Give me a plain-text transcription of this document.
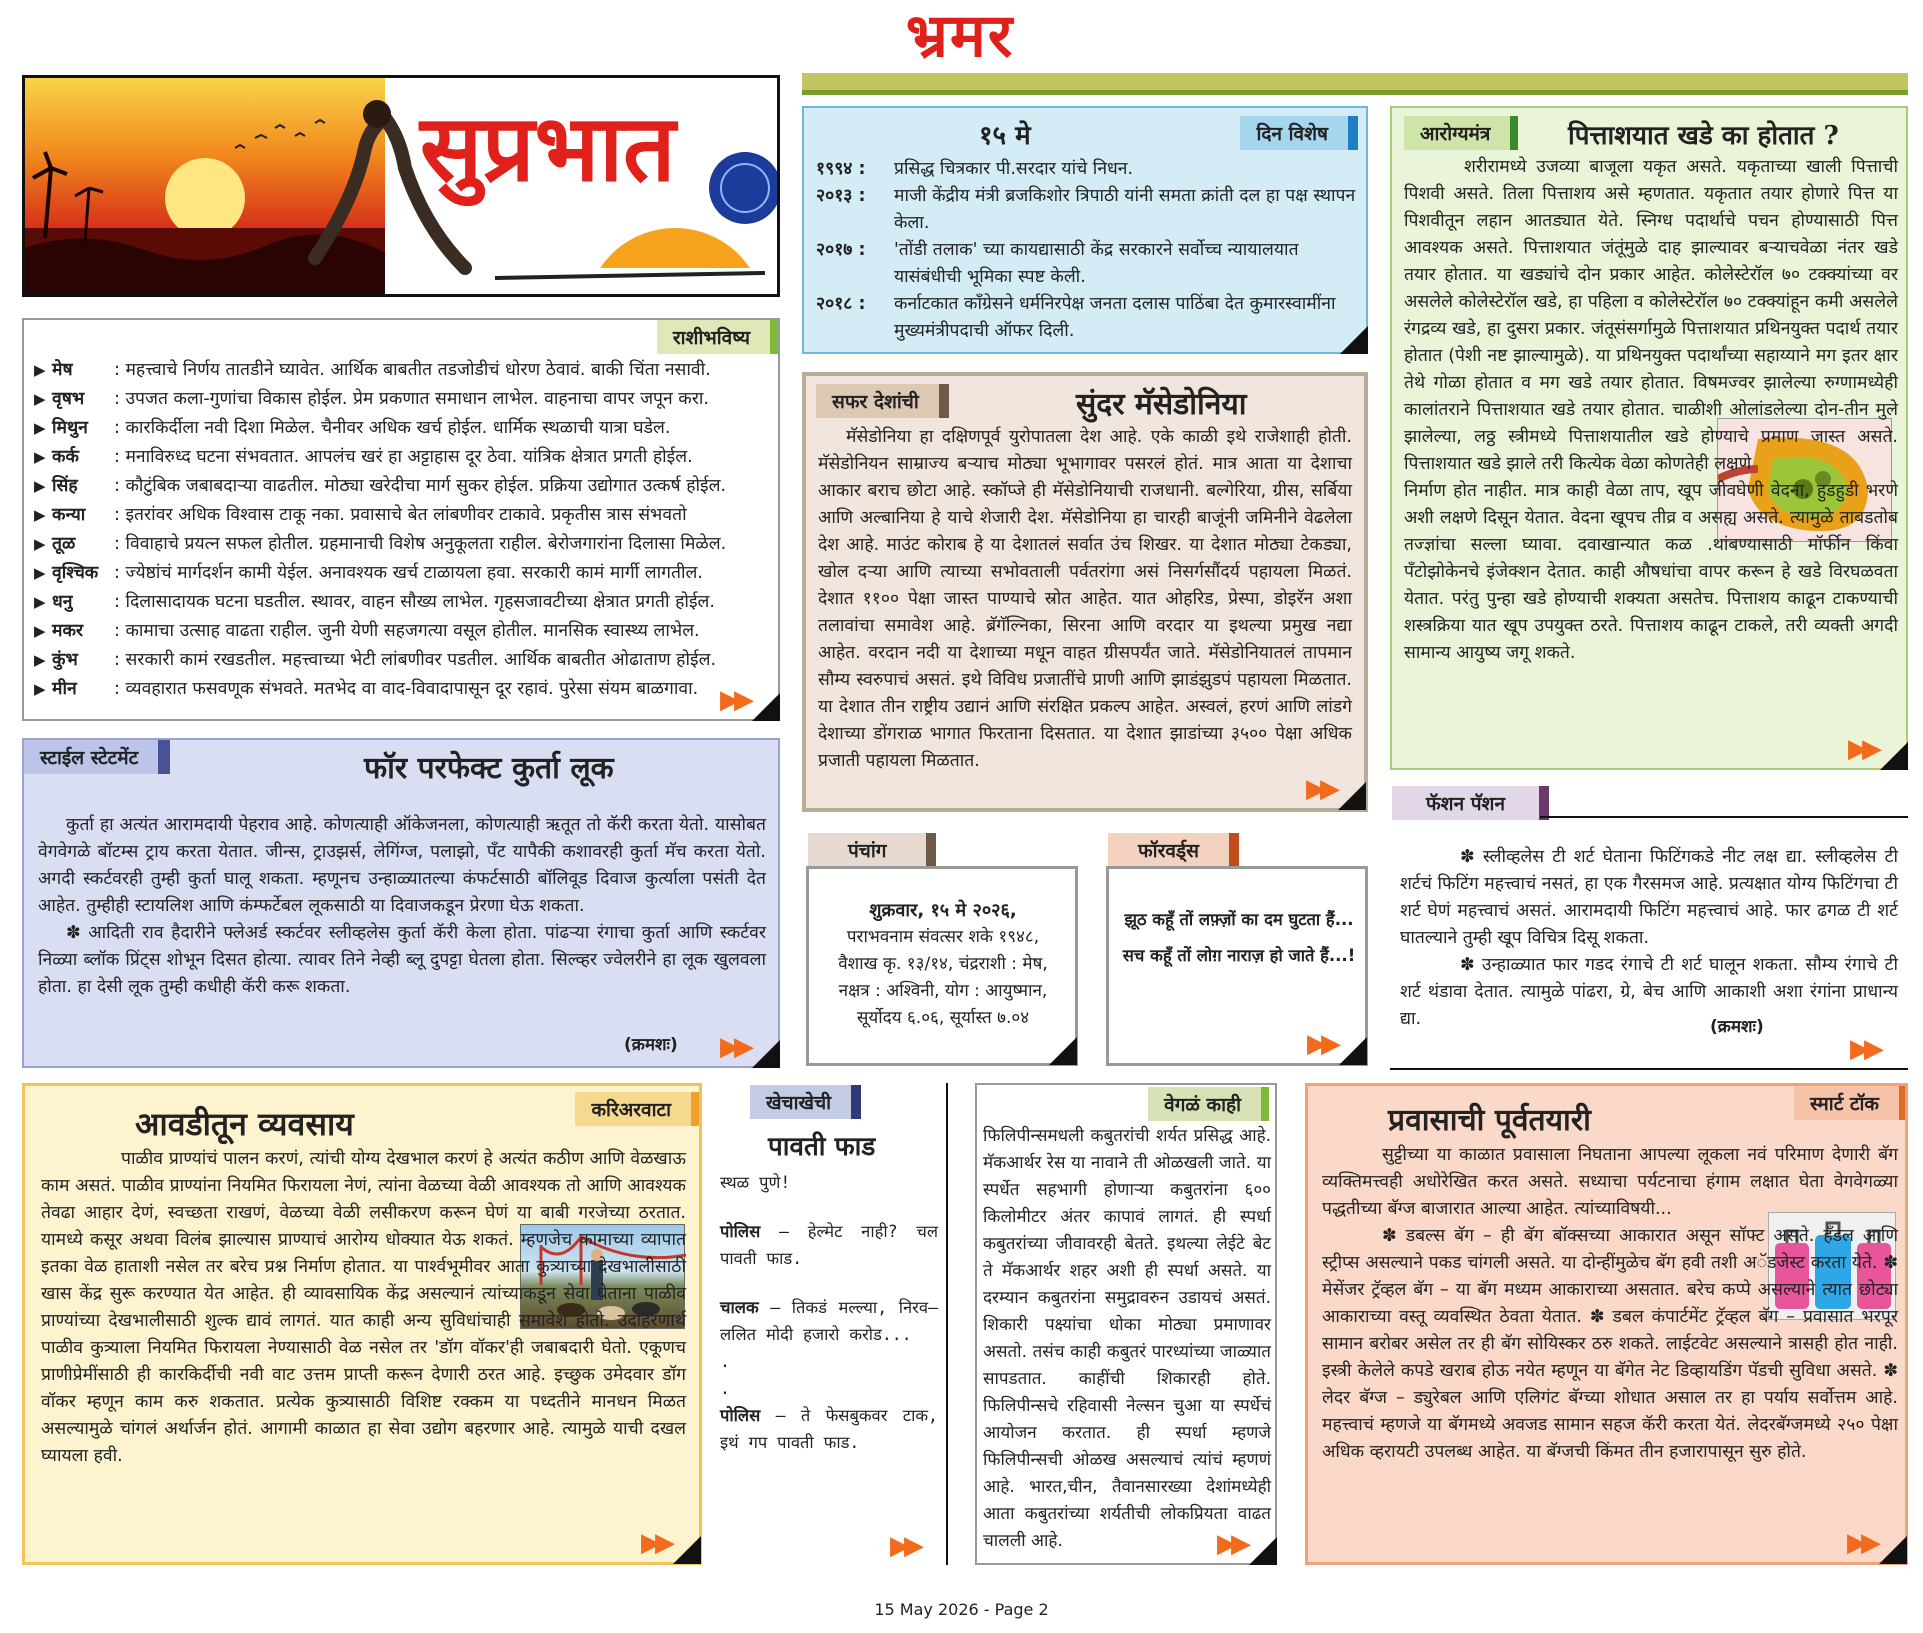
भ्रमर
सुप्रभात
राशीभविष्य
▶ मेष	: महत्त्वाचे निर्णय तातडीने घ्यावेत. आर्थिक बाबतीत तडजोडीचं धोरण ठेवावं. बाकी चिंता नसावी.
▶ वृषभ	: उपजत कला-गुणांचा विकास होईल. प्रेम प्रकणात समाधान लाभेल. वाहनाचा वापर जपून करा.
▶ मिथुन	: कारकिर्दीला नवी दिशा मिळेल. चैनीवर अधिक खर्च होईल. धार्मिक स्थळाची यात्रा घडेल.
▶ कर्क	: मनाविरुध्द घटना संभवतात. आपलंच खरं हा अट्टाहास दूर ठेवा. यांत्रिक क्षेत्रात प्रगती होईल.
▶ सिंह	: कौटुंबिक जबाबदाऱ्या वाढतील. मोठ्या खरेदीचा मार्ग सुकर होईल. प्रक्रिया उद्योगात उत्कर्ष होईल.
▶ कन्या	: इतरांवर अधिक विश्वास टाकू नका. प्रवासाचे बेत लांबणीवर टाकावे. प्रकृतीस त्रास संभवतो
▶ तूळ	: विवाहाचे प्रयत्न सफल होतील. ग्रहमानाची विशेष अनुकूलता राहील. बेरोजगारांना दिलासा मिळेल.
▶ वृश्चिक : ज्येष्ठांचं मार्गदर्शन कामी येईल. अनावश्यक खर्च टाळायला हवा. सरकारी कामं मार्गी लागतील.
▶ धनु	: दिलासादायक घटना घडतील. स्थावर, वाहन सौख्य लाभेल. गृहसजावटीच्या क्षेत्रात प्रगती होईल.
▶ मकर	: कामाचा उत्साह वाढता राहील. जुनी येणी सहजगत्या वसूल होतील. मानसिक स्वास्थ्य लाभेल.
▶ कुंभ	: सरकारी कामं रखडतील. महत्त्वाच्या भेटी लांबणीवर पडतील. आर्थिक बाबतीत ओढाताण होईल.
▶ मीन	: व्यवहारात फसवणूक संभवते. मतभेद वा वाद-विवादापासून दूर रहावं. पुरेसा संयम बाळगावा. ▶▶
स्टाईल स्टेटमेंट	फॉर परफेक्ट कुर्ता लूक

कुर्ता हा अत्यंत आरामदायी पेहराव आहे. कोणत्याही ऑकेजनला, कोणत्याही ऋतूत तो कॅरी करता येतो. यासोबत वेगवेगळे बॉटम्स ट्राय करता येतात. जीन्स, ट्राउझर्स, लेगिंग्ज, पलाझो, पँट यापैकी कशावरही कुर्ता मॅच करता येतो. अगदी स्कर्टवरही तुम्ही कुर्ता घालू शकता. म्हणूनच उन्हाळ्यातल्या कंफर्टसाठी बॉलिवूड दिवाज कुर्त्याला पसंती देत आहेत. तुम्हीही स्टायलिश आणि कंम्फर्टेबल लूकसाठी या दिवाजकडून प्रेरणा घेऊ शकता.

✽ आदिती राव हैदारीने फ्लेअर्ड स्कर्टवर स्लीव्हलेस कुर्ता कॅरी केला होता. पांढऱ्या रंगाचा कुर्ता आणि स्कर्टवर निळ्या ब्लॉक प्रिंट्स शोभून दिसत होत्या. त्यावर तिने नेव्ही ब्लू दुपट्टा घेतला होता. सिल्व्हर ज्वेलरीने हा लूक खुलवला होता. हा देसी लूक तुम्ही कधीही कॅरी करू शकता.

(क्रमशः) ▶▶
करिअरवाटा
आवडीतून व्यवसाय

पाळीव प्राण्यांचं पालन करणं, त्यांची योग्य देखभाल करणं हे अत्यंत कठीण आणि वेळखाऊ काम असतं. पाळीव प्राण्यांना नियमित फिरायला नेणं, त्यांना वेळच्या वेळी आवश्यक तो आणि आवश्यक तेवढा आहार देणं, स्वच्छता राखणं, वेळच्या वेळी लसीकरण करून घेणं या बाबी गरजेच्या ठरतात. यामध्ये कसूर अथवा विलंब झाल्यास प्राण्याचं आरोग्य धोक्यात येऊ शकतं. म्हणजेच कामाच्या व्यापात इतका वेळ हाताशी नसेल तर बरेच प्रश्न निर्माण होतात. या पार्श्वभूमीवर आता कुत्र्याच्या देखभालीसाठी खास केंद्र सुरू करण्यात येत आहेत. ही व्यावसायिक केंद्र असल्यानं त्यांच्याकडून सेवा घेताना पाळीव प्राण्यांच्या देखभालीसाठी शुल्क द्यावं लागतं. यात काही अन्य सुविधांचाही समावेश होतो. उदाहरणार्थ पाळीव कुत्र्याला नियमित फिरायला नेण्यासाठी वेळ नसेल तर 'डॉग वॉकर'ही जबाबदारी घेतो. एकूणच प्राणीप्रेमींसाठी ही कारकिर्दीची नवी वाट उत्तम प्राप्ती करून देणारी ठरत आहे. इच्छुक उमेदवार डॉग वॉकर म्हणून काम करु शकतात. प्रत्येक कुत्र्यासाठी विशिष्ट रक्कम या पध्दतीने मानधन मिळत असल्यामुळे चांगलं अर्थार्जन होतं. आगामी काळात हा सेवा उद्योग बहरणार आहे. त्यामुळे याची दखल घ्यायला हवी.

▶▶
१५ मे	दिन विशेष
१९९४ :	प्रसिद्ध चित्रकार पी.सरदार यांचे निधन.
२०१३ :	माजी केंद्रीय मंत्री ब्रजकिशोर त्रिपाठी यांनी समता क्रांती दल हा पक्ष स्थापन केला.
२०१७ :	'तोंडी तलाक' च्या कायद्यासाठी केंद्र सरकारने सर्वोच्च न्यायालयात यासंबंधीची भूमिका स्पष्ट केली.
२०१८ :	कर्नाटकात कॉंग्रेसने धर्मनिरपेक्ष जनता दलास पाठिंबा देत कुमारस्वामींना मुख्यमंत्रीपदाची ऑफर दिली.
सफर देशांची	सुंदर मॅसेडोनिया

मॅसेडोनिया हा दक्षिणपूर्व युरोपातला देश आहे. एके काळी इथे राजेशाही होती. मॅसेडोनियन साम्राज्य बऱ्याच मोठ्या भूभागावर पसरलं होतं. मात्र आता या देशाचा आकार बराच छोटा आहे. स्कॉप्जे ही मॅसेडोनियाची राजधानी. बल्गेरिया, ग्रीस, सर्बिया आणि अल्बानिया हे याचे शेजारी देश. मॅसेडोनिया हा चारही बाजूंनी जमिनीने वेढलेला देश आहे. माउंट कोराब हे या देशातलं सर्वात उंच शिखर. या देशात मोठ्या टेकड्या, खोल दऱ्या आणि त्याच्या सभोवताली पर्वतरांगा असं निसर्गसौंदर्य पहायला मिळतं. देशात ११०० पेक्षा जास्त पाण्याचे स्रोत आहेत. यात ओहरिड, प्रेस्पा, डोइरॅन अशा तलावांचा समावेश आहे. ब्रॅगॅल्निका, सिरना आणि वरदार या इथल्या प्रमुख नद्या आहेत. वरदान नदी या देशाच्या मधून वाहत ग्रीसपर्यंत जाते. मॅसेडोनियातलं तापमान सौम्य स्वरुपाचं असतं. इथे विविध प्रजातींचे प्राणी आणि झाडंझुडपं पहायला मिळतात. या देशात तीन राष्ट्रीय उद्यानं आणि संरक्षित प्रकल्प आहेत. अस्वलं, हरणं आणि लांडगे देशाच्या डोंगराळ भागात फिरताना दिसतात. या देशात झाडांच्या ३५०० पेक्षा अधिक प्रजाती पहायला मिळतात.

▶▶
पंचांग
शुक्रवार, १५ मे २०२६,
पराभवनाम संवत्सर शके १९४८,
वैशाख कृ. १३/१४, चंद्रराशी : मेष,
नक्षत्र : अश्विनी, योग : आयुष्मान,
सूर्योदय ६.०६, सूर्यास्त ७.०४
फॉरवर्ड्स
झूठ कहूँ तों लफ़्ज़ों का दम घुटता हैं...
सच कहूँ तों लोग़ नाराज़ हो जाते हैं...!
▶▶
खेचाखेची
पावती फाड
स्थळ पुणे!
पोलिस – हेल्मेट नाही? चल पावती फाड.
चालक – तिकडं मल्ल्या, निरव–ललित मोदी हजारो करोड...
.
.
पोलिस – ते फेसबुकवर टाक, इथं गप पावती फाड.
▶▶
वेगळं काही

फिलिपीन्समधली कबुतरांची शर्यत प्रसिद्ध आहे. मॅकआर्थर रेस या नावाने ती ओळखली जाते. या स्पर्धेत सहभागी होणाऱ्या कबुतरांना ६०० किलोमीटर अंतर कापावं लागतं. ही स्पर्धा कबुतरांच्या जीवावरही बेतते. इथल्या लेईटे बेट ते मॅकआर्थर शहर अशी ही स्पर्धा असते. या दरम्यान कबुतरांना समुद्रावरुन उडायचं असतं. शिकारी पक्ष्यांचा धोका मोठ्या प्रमाणावर असतो. तसंच काही कबुतरं पारध्यांच्या जाळ्यात सापडतात. काहींची शिकारही होते. फिलिपीन्सचे रहिवासी नेल्सन चुआ या स्पर्धेचं आयोजन करतात. ही स्पर्धा म्हणजे फिलिपीन्सची ओळख असल्याचं त्यांचं म्हणणं आहे. भारत,चीन, तैवानसारख्या देशांमध्येही आता कबुतरांच्या शर्यतीची लोकप्रियता वाढत चालली आहे.	▶▶
आरोग्यमंत्र	पित्ताशयात खडे का होतात ?

शरीरामध्ये उजव्या बाजूला यकृत असते. यकृताच्या खाली पित्ताची पिशवी असते. तिला पित्ताशय असे म्हणतात. यकृतात तयार होणारे पित्त या पिशवीतून लहान आतड्यात येते. स्निग्ध पदार्थाचे पचन होण्यासाठी पित्त आवश्यक असते. पित्ताशयात जंतूंमुळे दाह झाल्यावर बऱ्याचवेळा नंतर खडे तयार होतात. या खड्यांचे दोन प्रकार आहेत. कोलेस्टेरॉल ७० टक्क्यांच्या वर असलेले कोलेस्टेरॉल खडे, हा पहिला व कोलेस्टेरॉल ७० टक्क्यांहून कमी असलेले रंगद्रव्य खडे, हा दुसरा प्रकार. जंतूसंसर्गामुळे पित्ताशयात प्रथिनयुक्त पदार्थ तयार होतात (पेशी नष्ट झाल्यामुळे). या प्रथिनयुक्त पदार्थांच्या सहाय्याने मग इतर क्षार तेथे गोळा होतात व मग खडे तयार होतात. विषमज्वर झालेल्या रुग्णामध्येही कालांतराने पित्ताशयात खडे तयार होतात. चाळीशी ओलांडलेल्या दोन-तीन मुले झालेल्या, लठ्ठ स्त्रीमध्ये पित्ताशयातील खडे होण्याचे प्रमाण जास्त असते. पित्ताशयात खडे झाले तरी कित्येक वेळा कोणतेही लक्षणे

निर्माण होत नाहीत. मात्र काही वेळा ताप, खूप जीवघेणी वेदना, हुडहुडी भरणे अशी लक्षणे दिसून येतात. वेदना खूपच तीव्र व असह्य असते. त्यामुळे ताबडतोब तज्ज्ञांचा सल्ला घ्यावा. दवाखान्यात कळ .थांबण्यासाठी मॉर्फीन किंवा पॅंटोझोकेनचे इंजेक्शन देतात. काही औषधांचा वापर करून हे खडे विरघळवता येतात. परंतु पुन्हा खडे होण्याची शक्यता असतेच. पित्ताशय काढून टाकण्याची शस्त्रक्रिया यात खूप उपयुक्त ठरते. पित्ताशय काढून टाकले, तरी व्यक्ती अगदी सामान्य आयुष्य जगू शकते.

▶▶
फॅशन पॅशन

✽ स्लीव्हलेस टी शर्ट घेताना फिटिंगकडे नीट लक्ष द्या. स्लीव्हलेस टी शर्टचं फिटिंग महत्त्वाचं नसतं, हा एक गैरसमज आहे. प्रत्यक्षात योग्य फिटिंगचा टी शर्ट घेणं महत्त्वाचं असतं. आरामदायी फिटिंग महत्त्वाचं आहे. फार ढगळ टी शर्ट घातल्याने तुम्ही खूप विचित्र दिसू शकता.

✽ उन्हाळ्यात फार गडद रंगाचे टी शर्ट घालून शकता. सौम्य रंगाचे टी शर्ट थंडावा देतात. त्यामुळे पांढरा, ग्रे, बेच आणि आकाशी अशा रंगांना प्राधान्य द्या.	(क्रमशः)
▶▶
स्मार्ट टॉक
प्रवासाची पूर्वतयारी

सुट्टीच्या या काळात प्रवासाला निघताना आपल्या लूकला नवं परिमाण देणारी बॅग व्यक्तिमत्त्वही अधोरेखित करत असते. सध्याचा पर्यटनाचा हंगाम लक्षात घेता वेगवेगळ्या पद्धतीच्या बॅग्ज बाजारात आल्या आहेत. त्यांच्याविषयी...

✽ डबल्स बॅग – ही बॅग बॉक्सच्या आकारात असून सॉफ्ट असते. हँडल आणि स्ट्रीप्स असल्याने पकड चांगली असते. या दोन्हींमुळेच बॅग हवी तशी अॅडजेस्ट करता येते. ✽ मेसेंजर ट्रॅव्हल बॅग – या बॅग मध्यम आकाराच्या असतात. बरेच कप्पे असल्याने त्यात छोट्या आकाराच्या वस्तू व्यवस्थित ठेवता येतात. ✽ डबल कंपार्टमेंट ट्रॅव्हल बॅग – प्रवासात भरपूर सामान बरोबर असेल तर ही बॅग सोयिस्कर ठरु शकते. लाईटवेट असल्याने त्रासही होत नाही. इस्त्री केलेले कपडे खराब होऊ नयेत म्हणून या बॅगेत नेट डिव्हायडिंग पॅडची सुविधा असते. ✽ लेदर बॅग्ज – ड्युरेबल आणि एलिगंट बॅग्च्या शोधात असाल तर हा पर्याय सर्वोत्तम आहे. महत्त्वाचं म्हणजे या बॅगमध्ये अवजड सामान सहज कॅरी करता येतं. लेदरबॅग्जमध्ये २५० पेक्षा अधिक व्हरायटी उपलब्ध आहेत. या बॅग्जची किंमत तीन हजारापासून सुरु होते.

▶▶
15 May 2026 - Page 2
